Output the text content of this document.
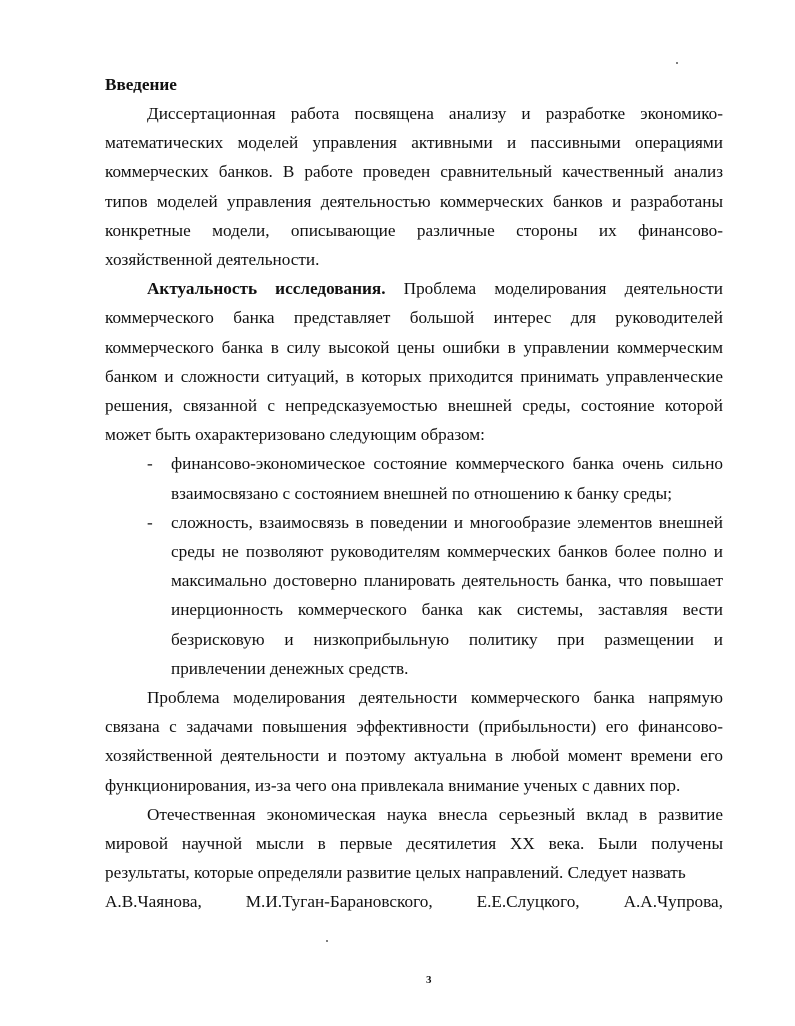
Введение

Диссертационная работа посвящена анализу и разработке экономико-математических моделей управления активными и пассивными операциями коммерческих банков. В работе проведен сравнительный качественный анализ типов моделей управления деятельностью коммерческих банков и разработаны конкретные модели, описывающие различные стороны их финансово-хозяйственной деятельности.

Актуальность исследования. Проблема моделирования деятельности коммерческого банка представляет большой интерес для руководителей коммерческого банка в силу высокой цены ошибки в управлении коммерческим банком и сложности ситуаций, в которых приходится принимать управленческие решения, связанной с непредсказуемостью внешней среды, состояние которой может быть охарактеризовано следующим образом:

- финансово-экономическое состояние коммерческого банка очень сильно взаимосвязано с состоянием внешней по отношению к банку среды;
- сложность, взаимосвязь в поведении и многообразие элементов внешней среды не позволяют руководителям коммерческих банков более полно и максимально достоверно планировать деятельность банка, что повышает инерционность коммерческого банка как системы, заставляя вести безрисковую и низкоприбыльную политику при размещении и привлечении денежных средств.

Проблема моделирования деятельности коммерческого банка напрямую связана с задачами повышения эффективности (прибыльности) его финансово-хозяйственной деятельности и поэтому актуальна в любой момент времени его функционирования, из-за чего она привлекала внимание ученых с давних пор.

Отечественная экономическая наука внесла серьезный вклад в развитие мировой научной мысли в первые десятилетия XX века. Были получены результаты, которые определяли развитие целых направлений. Следует назвать

А.В.Чаянова,	М.И.Туган-Барановского,	Е.Е.Слуцкого,	А.А.Чупрова,
3
